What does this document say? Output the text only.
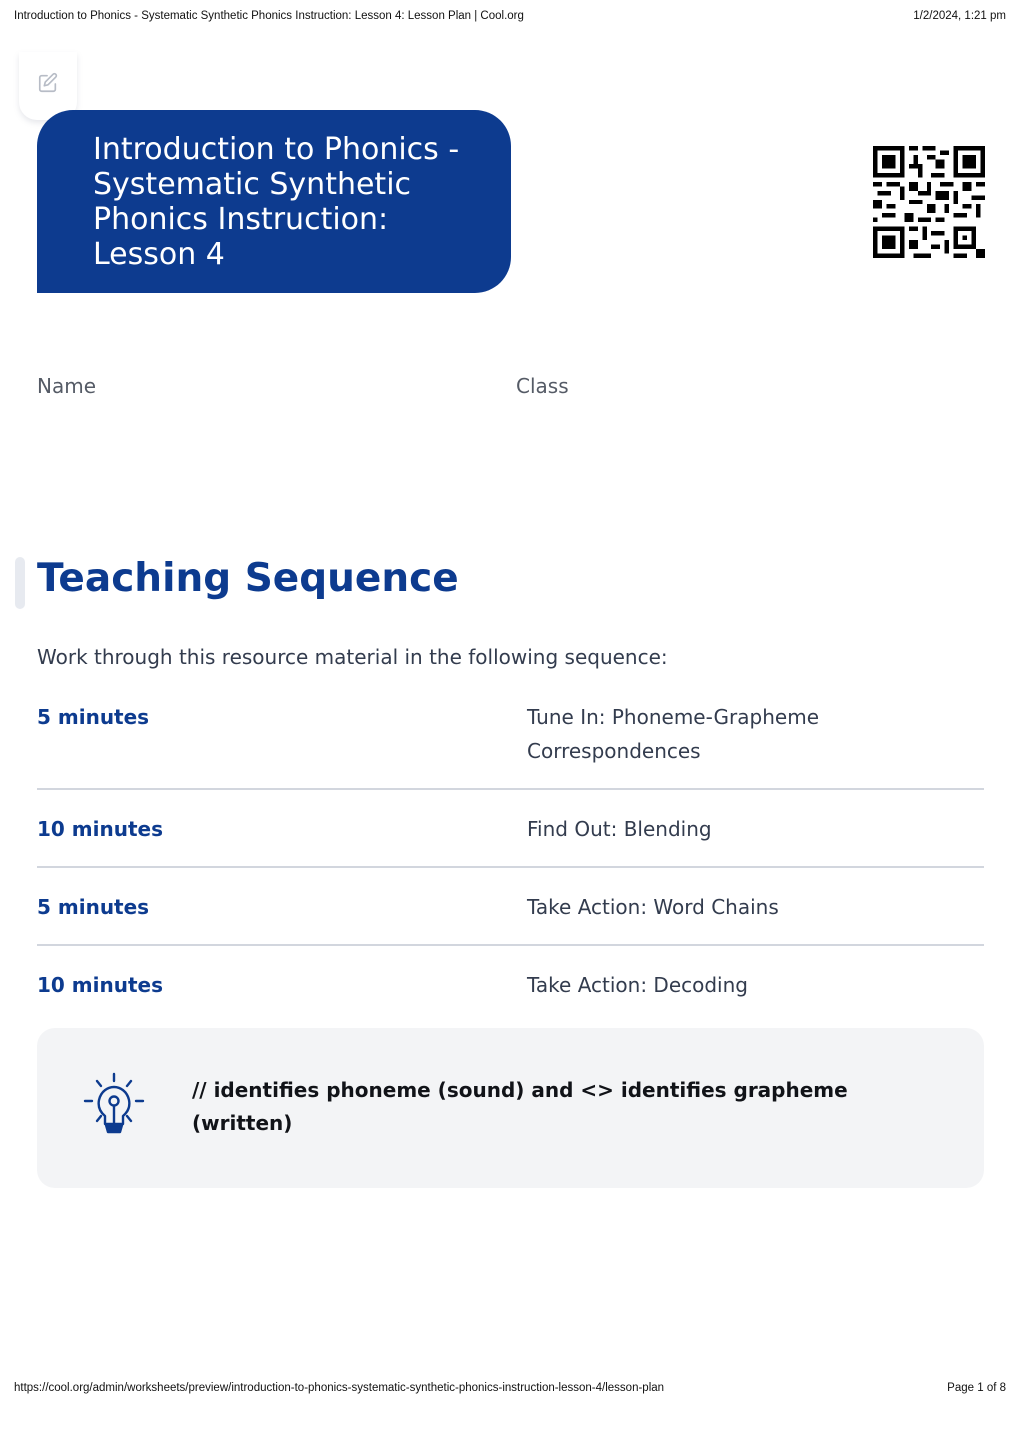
Introduction to Phonics - Systematic Synthetic Phonics Instruction: Lesson 4: Lesson Plan | Cool.org	1/2/2024, 1:21 pm
Introduction to Phonics - Systematic Synthetic Phonics Instruction: Lesson 4
Name	Class
Teaching Sequence

Work through this resource material in the following sequence:

5 minutes	Tune In: Phoneme-Grapheme Correspondences
10 minutes	Find Out: Blending
5 minutes	Take Action: Word Chains
10 minutes	Take Action: Decoding

// identifies phoneme (sound) and <> identifies grapheme (written)

https://cool.org/admin/worksheets/preview/introduction-to-phonics-systematic-synthetic-phonics-instruction-lesson-4/lesson-plan	Page 1 of 8
